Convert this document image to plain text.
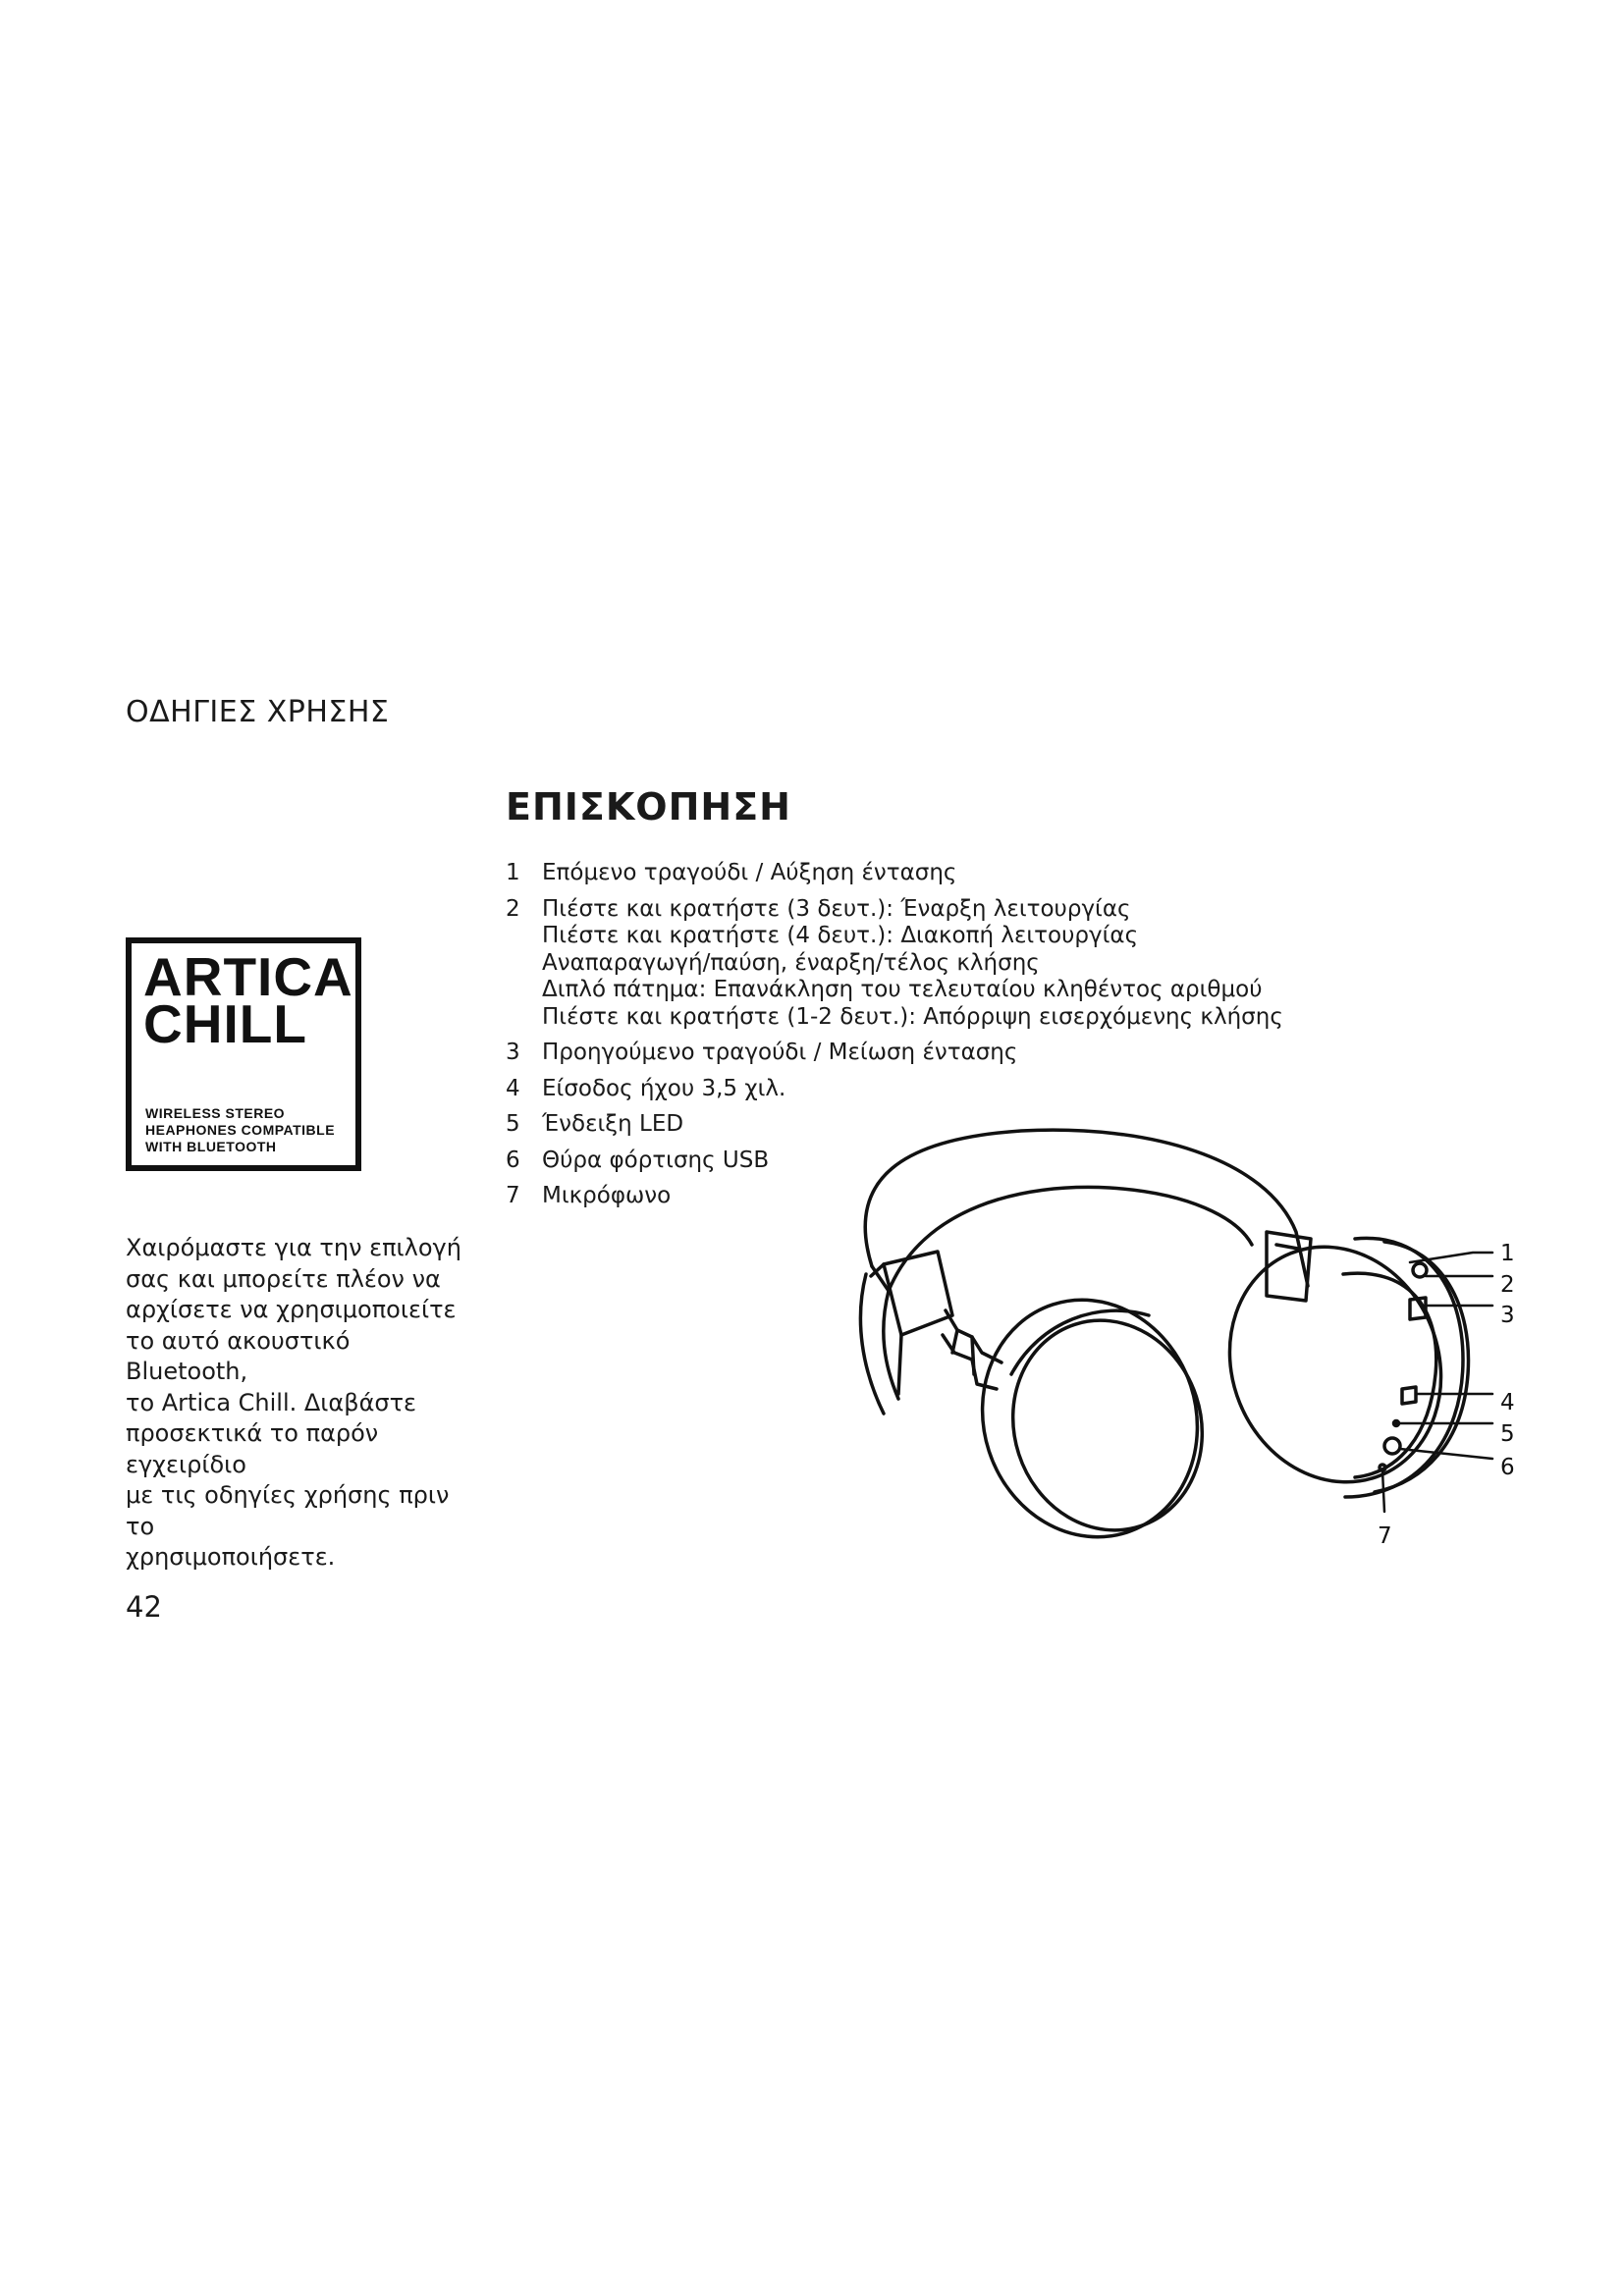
ΟΔΗΓΙΕΣ ΧΡΗΣΗΣ
ARTICA
CHILL
WIRELESS STEREO
HEAPHONES COMPATIBLE
WITH BLUETOOTH
Χαιρόμαστε για την επιλογή
σας και μπορείτε πλέον να
αρχίσετε να χρησιμοποιείτε
το αυτό ακουστικό Bluetooth,
το Artica Chill. Διαβάστε
προσεκτικά το παρόν εγχειρίδιο
με τις οδηγίες χρήσης πριν το
χρησιμοποιήσετε.
ΕΠΙΣΚΟΠΗΣΗ
1 Επόμενο τραγούδι / Αύξηση έντασης
2 Πιέστε και κρατήστε (3 δευτ.): Έναρξη λειτουργίας
Πιέστε και κρατήστε (4 δευτ.): Διακοπή λειτουργίας
Αναπαραγωγή/παύση, έναρξη/τέλος κλήσης
Διπλό πάτημα: Επανάκληση του τελευταίου κληθέντος αριθμού
Πιέστε και κρατήστε (1-2 δευτ.): Απόρριψη εισερχόμενης κλήσης
3 Προηγούμενο τραγούδι / Μείωση έντασης
4 Είσοδος ήχου 3,5 χιλ.
5 Ένδειξη LED
6 Θύρα φόρτισης USB
7 Μικρόφωνο
1
2
3
4
5
6
7
42
